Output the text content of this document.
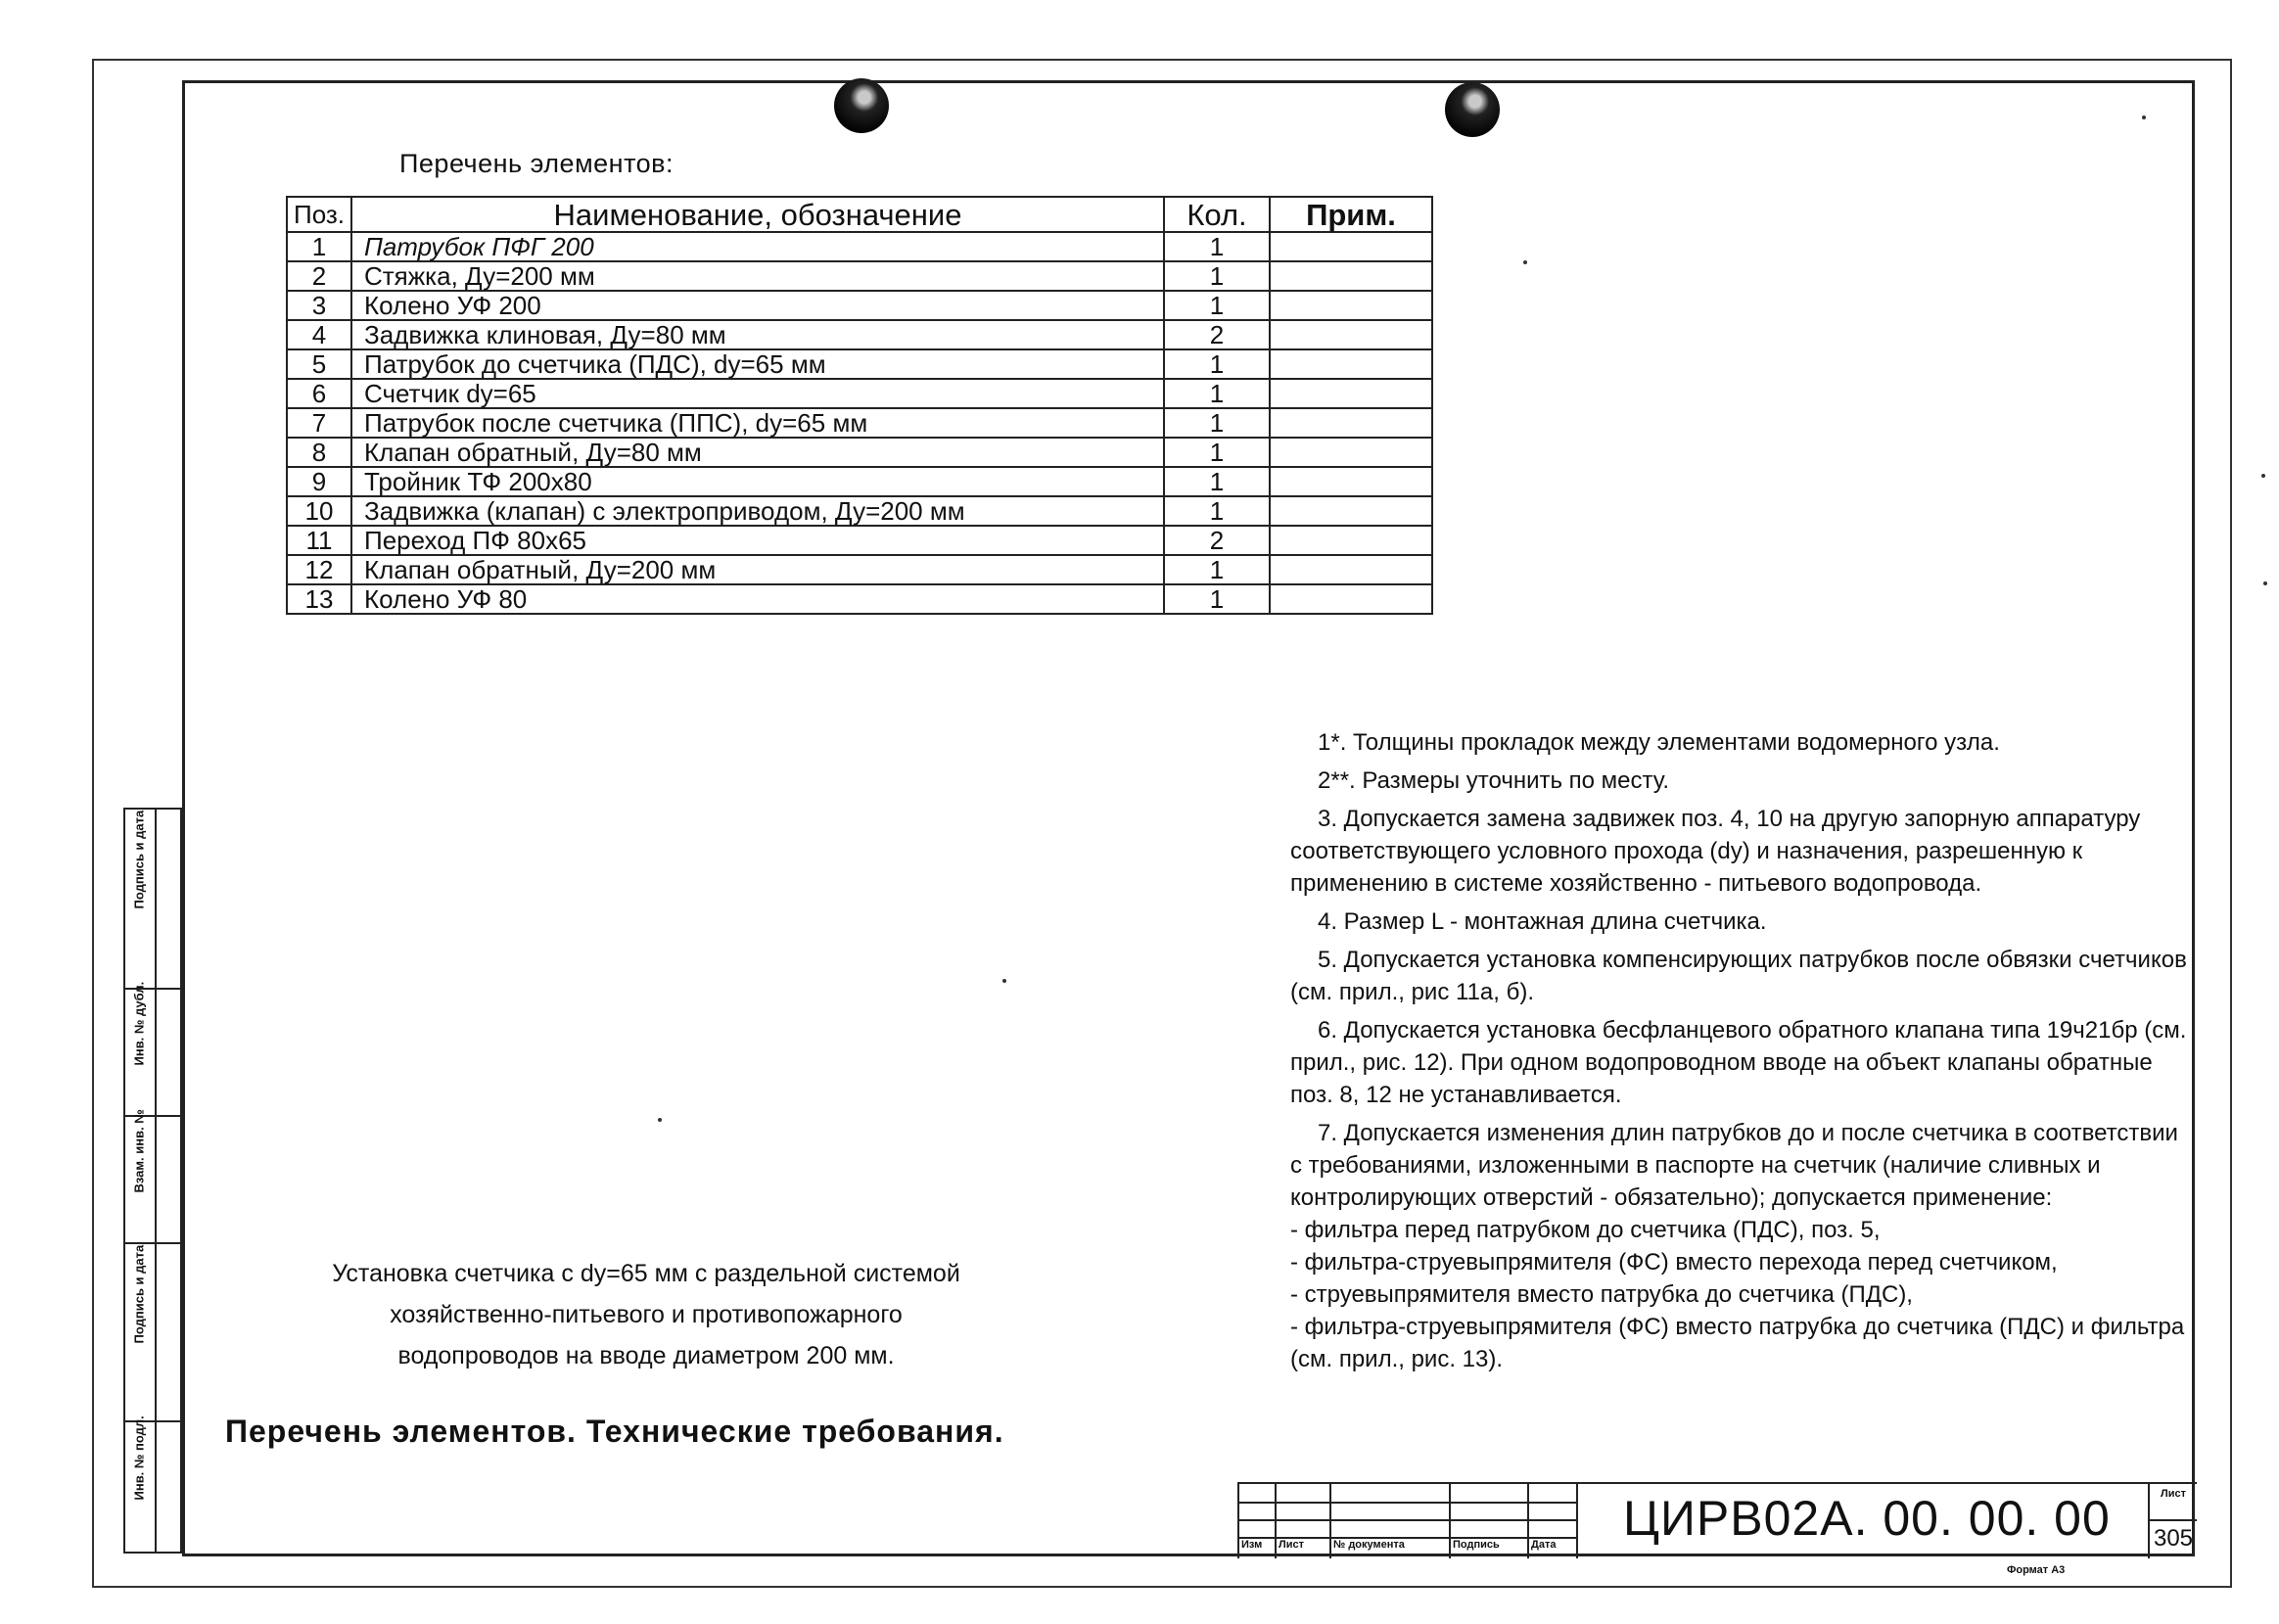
Перечень элементов:
Поз.	Наименование, обозначение	Кол.	Прим.
1	Патрубок ПФГ 200	1	
2	Стяжка, Ду=200 мм	1	
3	Колено УФ 200	1	
4	Задвижка клиновая, Ду=80 мм	2	
5	Патрубок до счетчика (ПДС), dy=65 мм	1	
6	Счетчик dy=65	1	
7	Патрубок после счетчика (ППС), dy=65 мм	1	
8	Клапан обратный, Ду=80 мм	1	
9	Тройник ТФ 200x80	1	
10	Задвижка (клапан) с электроприводом, Ду=200 мм	1	
11	Переход ПФ 80x65	2	
12	Клапан обратный, Ду=200 мм	1	
13	Колено УФ 80	1	

1*. Толщины прокладок между элементами водомерного узла.

2**. Размеры уточнить по месту.

3. Допускается замена задвижек поз. 4, 10 на другую запорную аппаратуру соответствующего условного прохода (dy) и назначения, разрешенную к применению в системе хозяйственно - питьевого водопровода.

4. Размер L - монтажная длина счетчика.

5. Допускается установка компенсирующих патрубков после обвязки счетчиков (см. прил., рис 11а, б).

6. Допускается установка бесфланцевого обратного клапана типа 19ч21бр (см. прил., рис. 12). При одном водопроводном вводе на объект клапаны обратные поз. 8, 12 не устанавливается.

7. Допускается изменения длин патрубков до и после счетчика в соответствии с требованиями, изложенными в паспорте на счетчик (наличие сливных и контролирующих отверстий - обязательно); допускается применение:

- фильтра перед патрубком до счетчика (ПДС), поз. 5,

- фильтра-струевыпрямителя (ФС) вместо перехода перед счетчиком,

- струевыпрямителя вместо патрубка до счетчика (ПДС),

- фильтра-струевыпрямителя (ФС) вместо патрубка до счетчика (ПДС) и фильтра (см. прил., рис. 13).

Установка счетчика с dy=65 мм с раздельной системой хозяйственно-питьевого и противопожарного водопроводов на вводе диаметром 200 мм.
Перечень элементов. Технические требования.
Подпись и дата
Инв. № дубл.
Взам. инв. №
Подпись и дата
Инв. № подл.
Изм Лист	№ документа	Подпись	Дата ЦИРВ02А. 00. 00. 00	Лист
305
Формат А3
